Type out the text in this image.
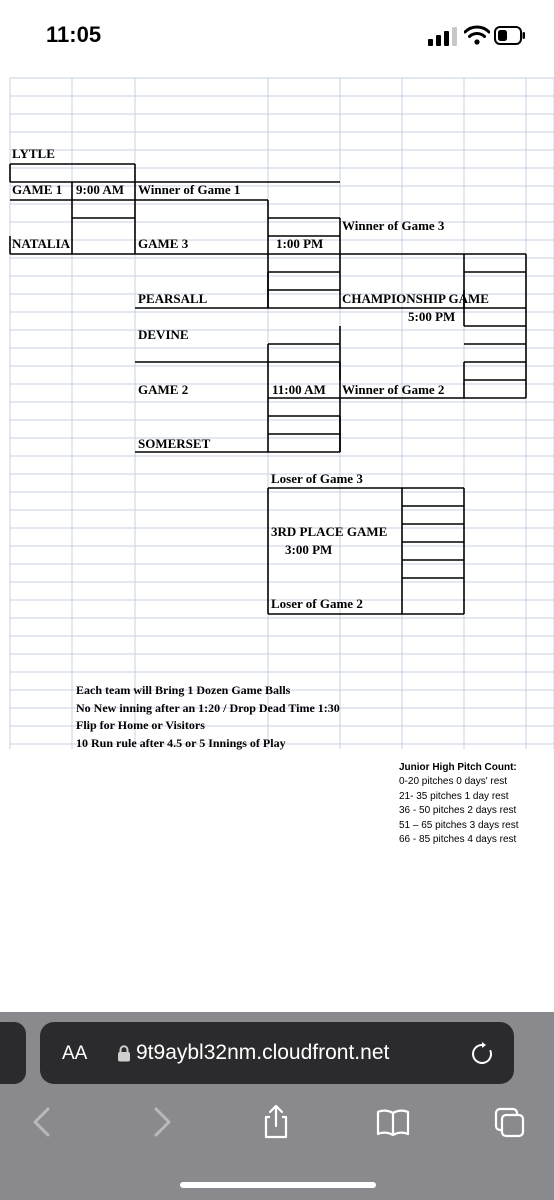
11:05
LYTLE
GAME 1 9:00 AM Winner of Game 1
Winner of Game 3
NATALIA	GAME 3	1:00 PM
PEARSALL	CHAMPIONSHIP GAME
5:00 PM
DEVINE
GAME 2	11:00 AM Winner of Game 2
SOMERSET
Loser of Game 3
3RD PLACE GAME
3:00 PM
Loser of Game 2
Each team will Bring 1 Dozen Game Balls
No New inning after an 1:20 / Drop Dead Time 1:30
Flip for Home or Visitors
10 Run rule after 4.5 or 5 Innings of Play
Junior High Pitch Count:
0-20 pitches 0 days' rest
21- 35 pitches 1 day rest
36 - 50 pitches 2 days rest
51 – 65 pitches 3 days rest
66 - 85 pitches 4 days rest
AA 9t9aybl32nm.cloudfront.net
